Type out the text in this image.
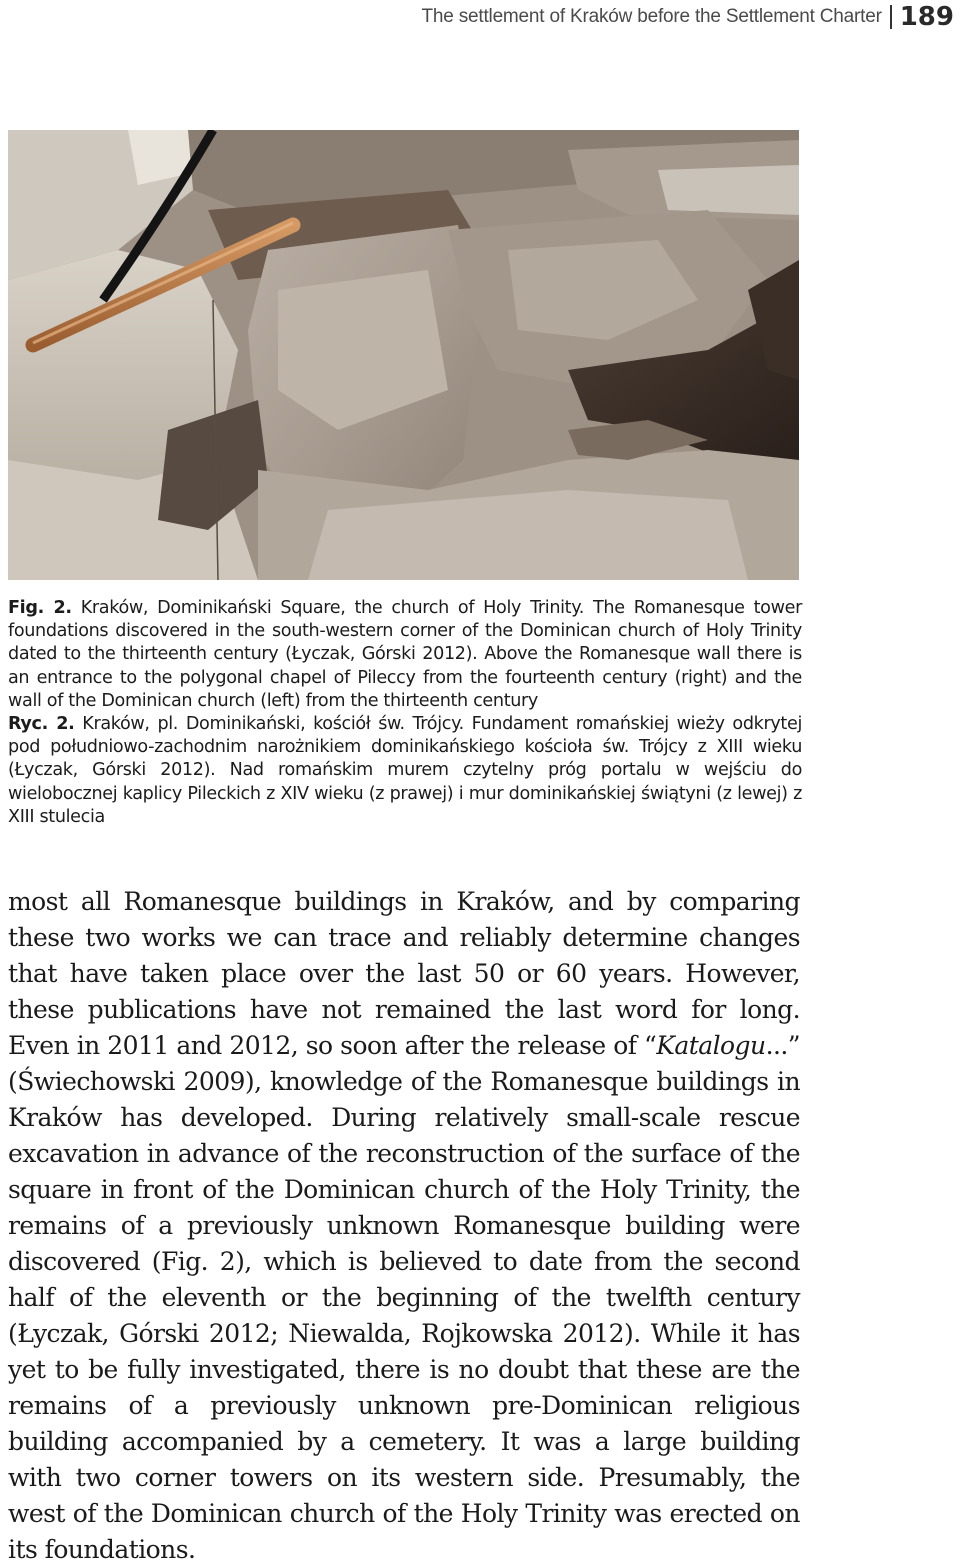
The settlement of Kraków before the Settlement Charter 189

Fig. 2. Kraków, Dominikański Square, the church of Holy Trinity. The Romanesque tower foundations discovered in the south-western corner of the Dominican church of Holy Trinity dated to the thirteenth century (Łyczak, Górski 2012). Above the Romanesque wall there is an entrance to the polygonal chapel of Pileccy from the fourteenth century (right) and the wall of the Dominican church (left) from the thirteenth century

Ryc. 2. Kraków, pl. Dominikański, kościół św. Trójcy. Fundament romańskiej wieży odkrytej pod południowo-zachodnim narożnikiem dominikańskiego kościoła św. Trójcy z XIII wieku (Łyczak, Górski 2012). Nad romańskim murem czytelny próg portalu w wejściu do wielobocznej kaplicy Pileckich z XIV wieku (z prawej) i mur dominikańskiej świątyni (z lewej) z XIII stulecia

most all Romanesque buildings in Kraków, and by comparing these two works we can trace and reliably determine changes that have taken place over the last 50 or 60 years. However, these publications have not remained the last word for long. Even in 2011 and 2012, so soon after the release of “Katalogu...” (Świechowski 2009), knowledge of the Romanesque buildings in Kraków has developed. During relatively small-scale rescue excavation in advance of the reconstruction of the surface of the square in front of the Dominican church of the Holy Trinity, the remains of a previously unknown Romanesque building were discovered (Fig. 2), which is believed to date from the second half of the eleventh or the beginning of the twelfth century (Łyczak, Górski 2012; Niewalda, Rojkowska 2012). While it has yet to be fully investigated, there is no doubt that these are the remains of a previously unknown pre-Dominican religious building accompanied by a cemetery. It was a large building with two corner towers on its western side. Presumably, the west of the Dominican church of the Holy Trinity was erected on its foundations.
